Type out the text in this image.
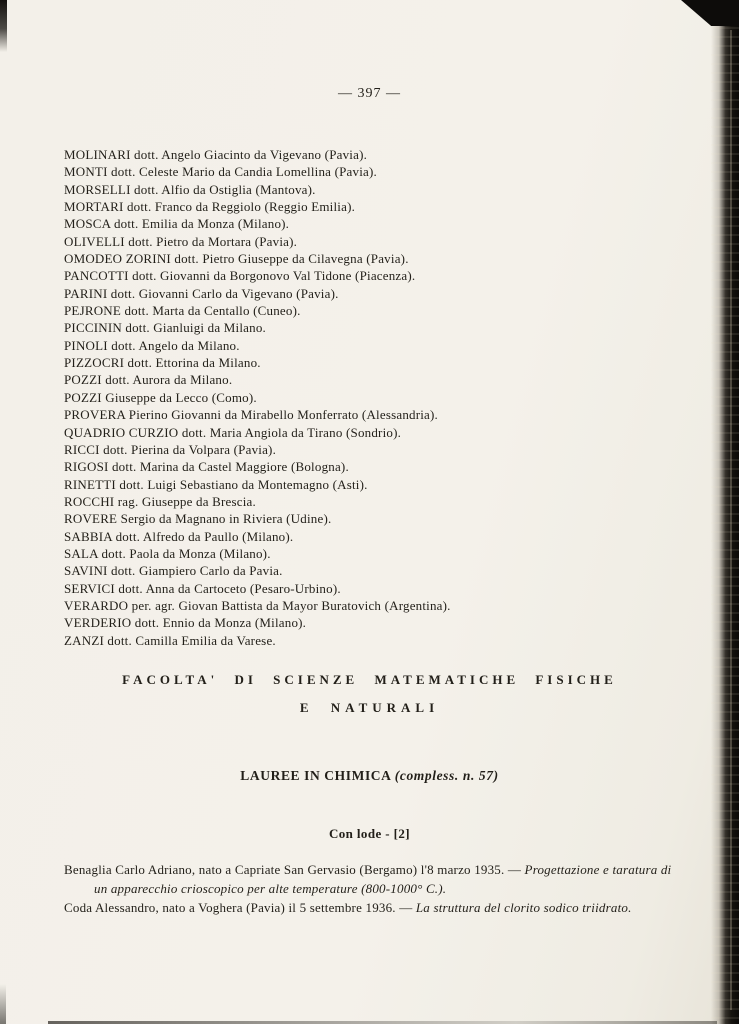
— 397 —
MOLINARI dott. Angelo Giacinto da Vigevano (Pavia).
MONTI dott. Celeste Mario da Candia Lomellina (Pavia).
MORSELLI dott. Alfio da Ostiglia (Mantova).
MORTARI dott. Franco da Reggiolo (Reggio Emilia).
MOSCA dott. Emilia da Monza (Milano).
OLIVELLI dott. Pietro da Mortara (Pavia).
OMODEO ZORINI dott. Pietro Giuseppe da Cilavegna (Pavia).
PANCOTTI dott. Giovanni da Borgonovo Val Tidone (Piacenza).
PARINI dott. Giovanni Carlo da Vigevano (Pavia).
PEJRONE dott. Marta da Centallo (Cuneo).
PICCININ dott. Gianluigi da Milano.
PINOLI dott. Angelo da Milano.
PIZZOCRI dott. Ettorina da Milano.
POZZI dott. Aurora da Milano.
POZZI Giuseppe da Lecco (Como).
PROVERA Pierino Giovanni da Mirabello Monferrato (Alessandria).
QUADRIO CURZIO dott. Maria Angiola da Tirano (Sondrio).
RICCI dott. Pierina da Volpara (Pavia).
RIGOSI dott. Marina da Castel Maggiore (Bologna).
RINETTI dott. Luigi Sebastiano da Montemagno (Asti).
ROCCHI rag. Giuseppe da Brescia.
ROVERE Sergio da Magnano in Riviera (Udine).
SABBIA dott. Alfredo da Paullo (Milano).
SALA dott. Paola da Monza (Milano).
SAVINI dott. Giampiero Carlo da Pavia.
SERVICI dott. Anna da Cartoceto (Pesaro-Urbino).
VERARDO per. agr. Giovan Battista da Mayor Buratovich (Argentina).
VERDERIO dott. Ennio da Monza (Milano).
ZANZI dott. Camilla Emilia da Varese.
FACOLTA' DI SCIENZE MATEMATICHE FISICHE
E NATURALI
LAUREE IN CHIMICA (compless. n. 57)
Con lode - [2]
Benaglia Carlo Adriano, nato a Capriate San Gervasio (Bergamo) l'8 marzo 1935. — Progettazione e taratura di un apparecchio crioscopico per alte temperature (800-1000° C.).
Coda Alessandro, nato a Voghera (Pavia) il 5 settembre 1936. — La struttura del clorito sodico triidrato.
